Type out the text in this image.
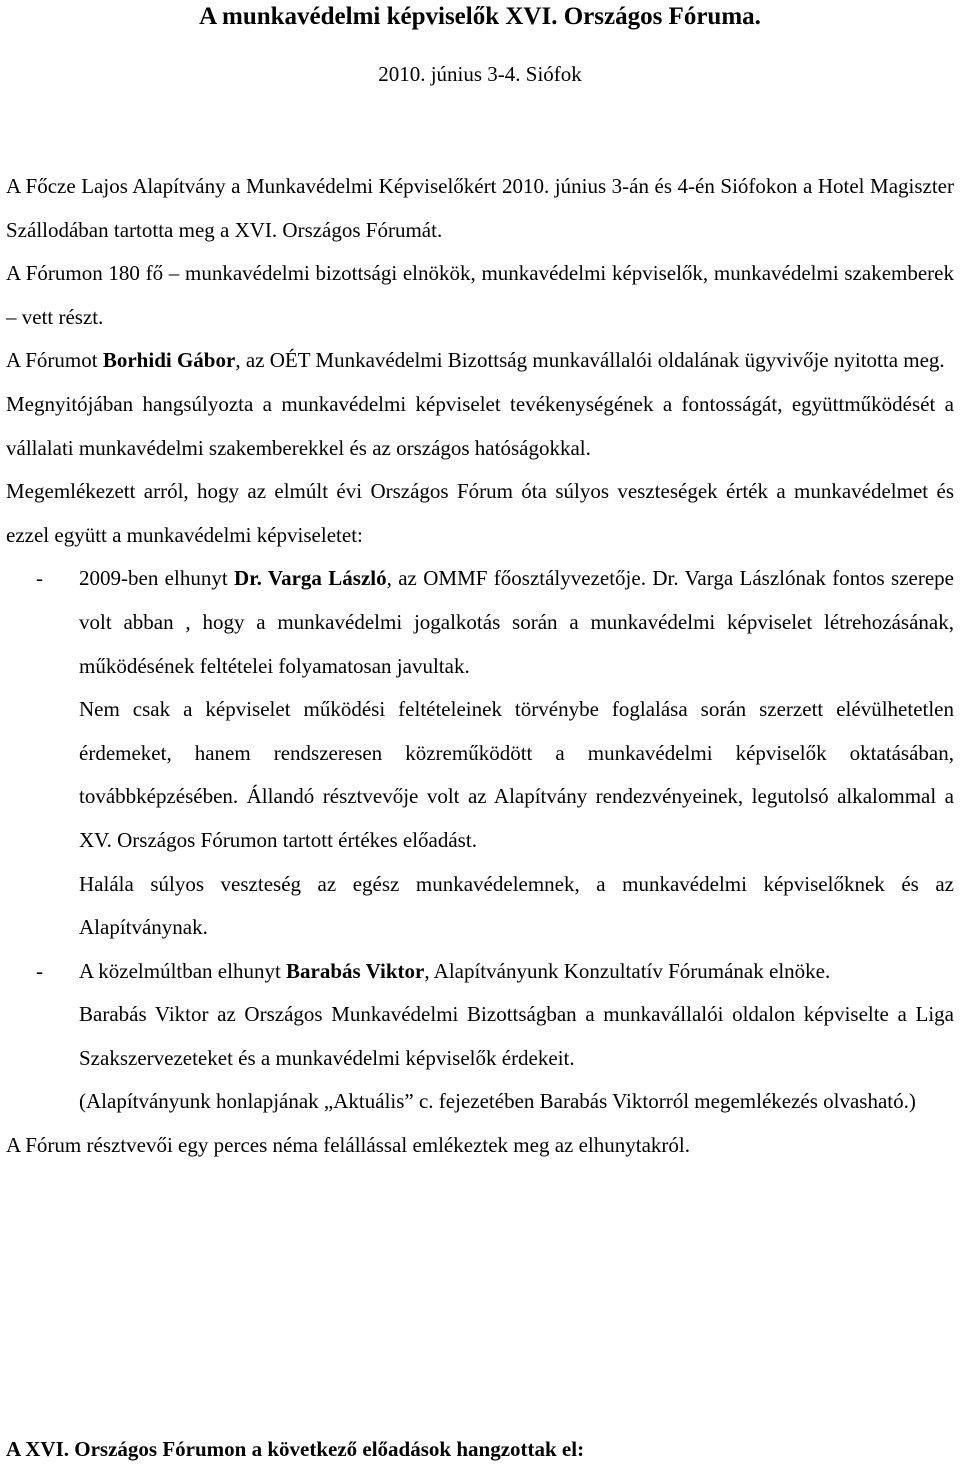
A munkavédelmi képviselők XVI. Országos Fóruma.
2010. június 3-4. Siófok

A Főcze Lajos Alapítvány a Munkavédelmi Képviselőkért 2010. június 3-án és 4-én Siófokon a Hotel Magiszter Szállodában tartotta meg a XVI. Országos Fórumát.

A Fórumon 180 fő – munkavédelmi bizottsági elnökök, munkavédelmi képviselők, munkavédelmi szakemberek – vett részt.

A Fórumot Borhidi Gábor, az OÉT Munkavédelmi Bizottság munkavállalói oldalának ügyvivője nyitotta meg.

Megnyitójában hangsúlyozta a munkavédelmi képviselet tevékenységének a fontosságát, együttműködését a vállalati munkavédelmi szakemberekkel és az országos hatóságokkal.

Megemlékezett arról, hogy az elmúlt évi Országos Fórum óta súlyos veszteségek érték a munkavédelmet és ezzel együtt a munkavédelmi képviseletet:

- 2009-ben elhunyt Dr. Varga László, az OMMF főosztályvezetője. Dr. Varga Lászlónak fontos szerepe volt abban , hogy a munkavédelmi jogalkotás során a munkavédelmi képviselet létrehozásának, működésének feltételei folyamatosan javultak.

Nem csak a képviselet működési feltételeinek törvénybe foglalása során szerzett elévülhetetlen érdemeket, hanem rendszeresen közreműködött a munkavédelmi képviselők oktatásában, továbbképzésében. Állandó résztvevője volt az Alapítvány rendezvényeinek, legutolsó alkalommal a XV. Országos Fórumon tartott értékes előadást.

Halála súlyos veszteség az egész munkavédelemnek, a munkavédelmi képviselőknek és az Alapítványnak.

- A közelmúltban elhunyt Barabás Viktor, Alapítványunk Konzultatív Fórumának elnöke.

Barabás Viktor az Országos Munkavédelmi Bizottságban a munkavállalói oldalon képviselte a Liga Szakszervezeteket és a munkavédelmi képviselők érdekeit.

(Alapítványunk honlapjának „Aktuális” c. fejezetében Barabás Viktorról megemlékezés olvasható.)

A Fórum résztvevői egy perces néma felállással emlékeztek meg az elhunytakról.

A XVI. Országos Fórumon a következő előadások hangzottak el:
